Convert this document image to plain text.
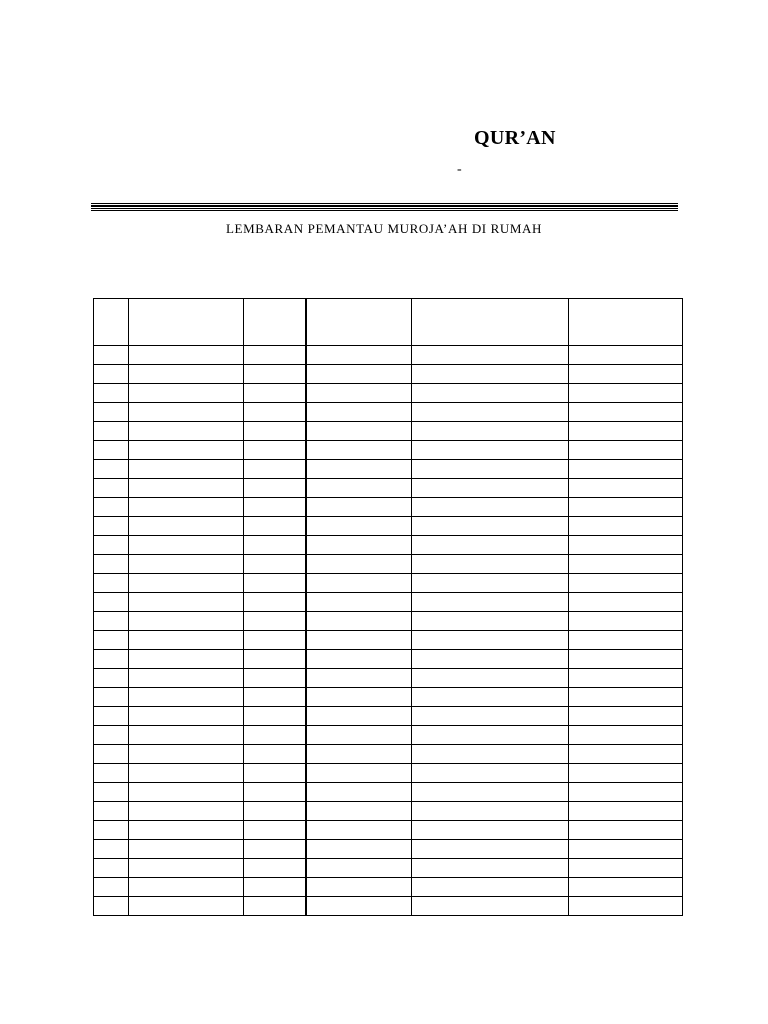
QUR’AN
-
LEMBARAN PEMANTAU MUROJA’AH DI RUMAH
